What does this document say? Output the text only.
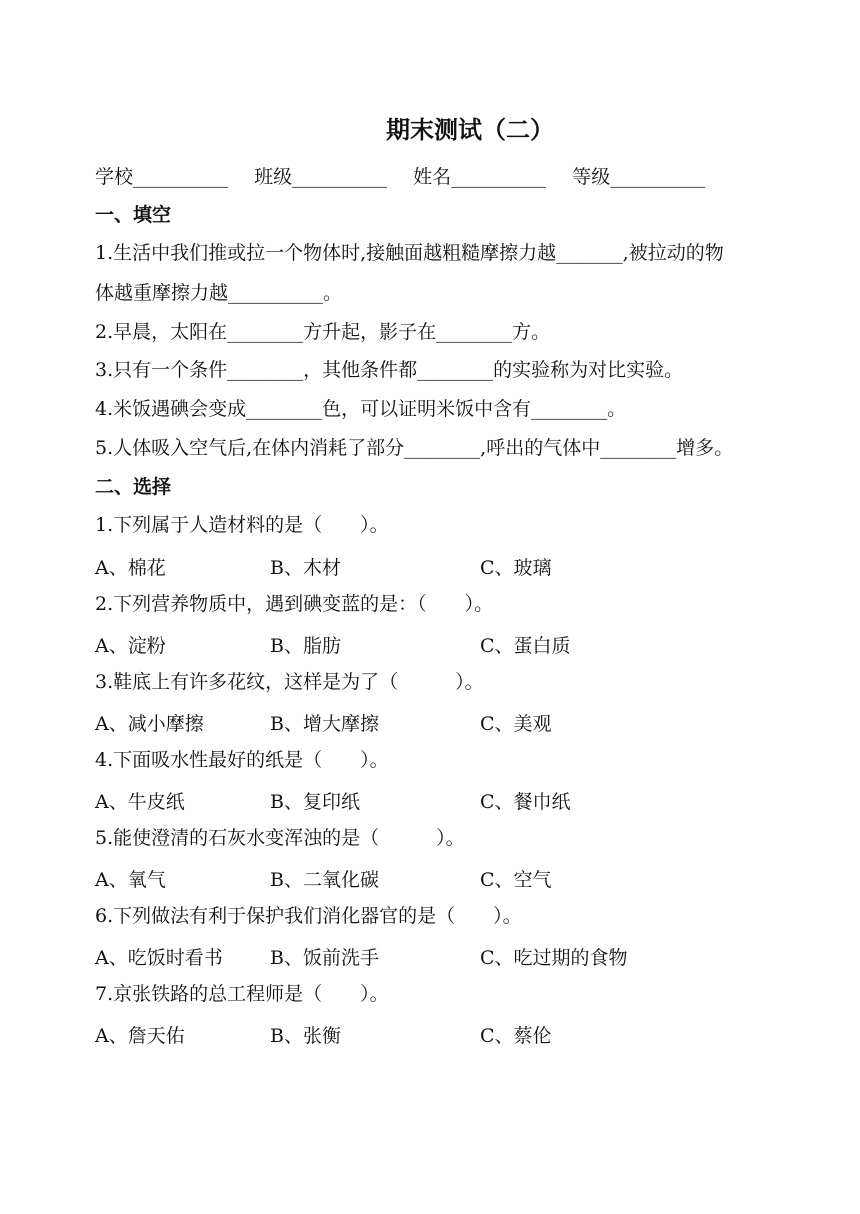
期末测试（二）
学校__________ 班级__________ 姓名__________ 等级__________
一、填空
1.生活中我们推或拉一个物体时,接触面越粗糙摩擦力越_______,被拉动的物
体越重摩擦力越__________。
2.早晨，太阳在________方升起，影子在________方。
3.只有一个条件________，其他条件都________的实验称为对比实验。
4.米饭遇碘会变成________色，可以证明米饭中含有________。
5.人体吸入空气后,在体内消耗了部分________,呼出的气体中________增多。
二、选择
1.下列属于人造材料的是（　　）。
A、棉花	B、木材	C、玻璃
2.下列营养物质中，遇到碘变蓝的是：（　　）。
A、淀粉	B、脂肪	C、蛋白质
3.鞋底上有许多花纹，这样是为了（　　　）。
A、减小摩擦	B、增大摩擦	C、美观
4.下面吸水性最好的纸是（　　）。
A、牛皮纸	B、复印纸	C、餐巾纸
5.能使澄清的石灰水变浑浊的是（　　　）。
A、氧气	B、二氧化碳	C、空气
6.下列做法有利于保护我们消化器官的是（　　）。
A、吃饭时看书 B、饭前洗手	C、吃过期的食物
7.京张铁路的总工程师是（　　）。
A、詹天佑	B、张衡	C、蔡伦
